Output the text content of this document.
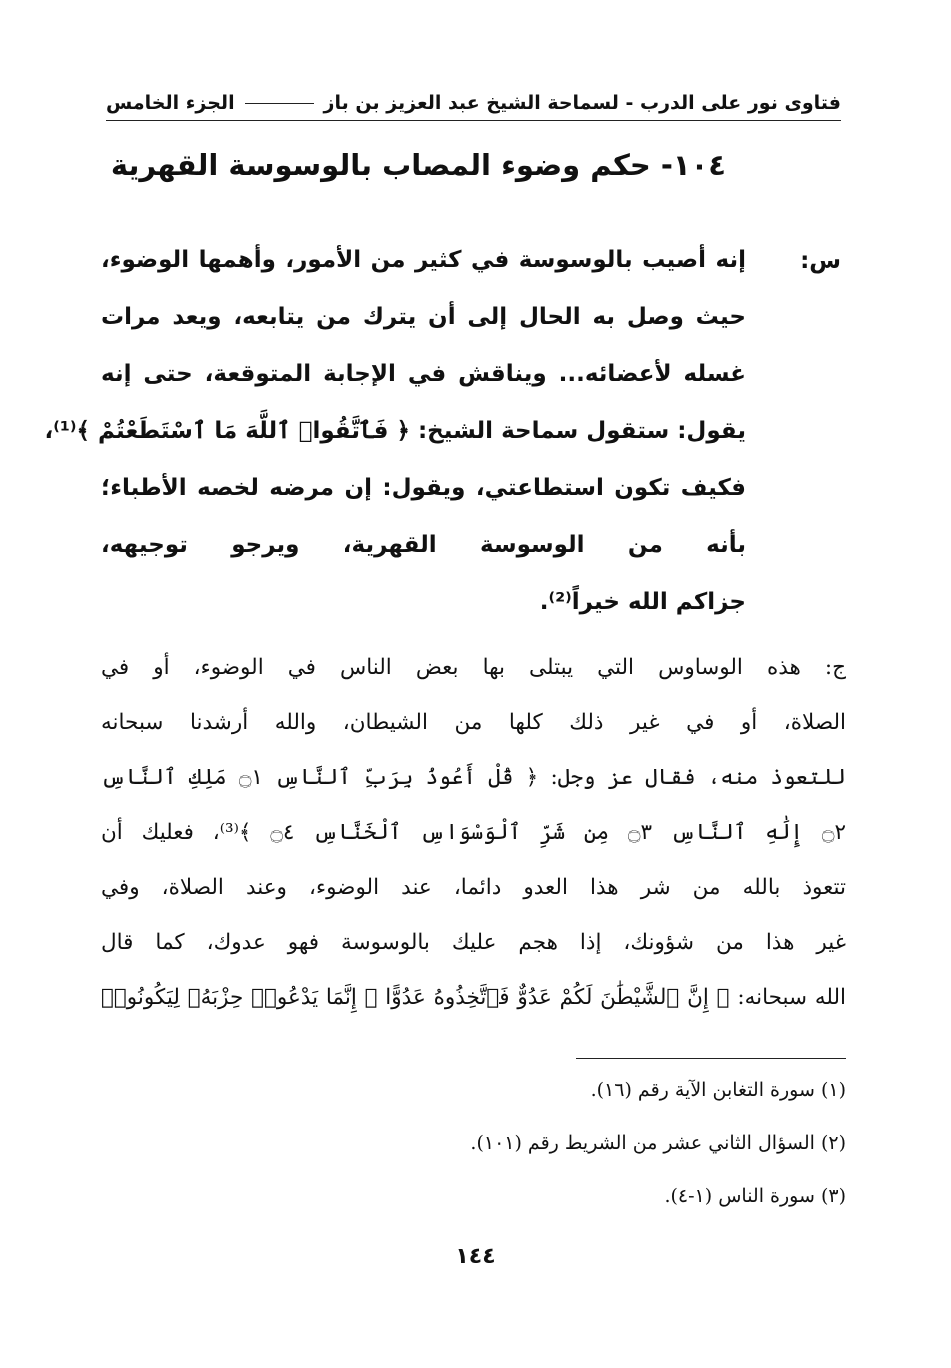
فتاوى نور على الدرب - لسماحة الشيخ عبد العزيز بن باز
الجزء الخامس
١٠٤- حكم وضوء المصاب بالوسوسة القهرية
س:
إنه أصيب بالوسوسة في كثير من الأمور، وأهمها الوضوء،
حيث وصل به الحال إلى أن يترك من يتابعه، ويعد مرات
غسله لأعضائه... ويناقش في الإجابة المتوقعة، حتى إنه
يقول: ستقول سماحة الشيخ: ﴿ فَٱتَّقُوا۟ ٱللَّهَ مَا ٱسْتَطَعْتُمْ ﴾⁽¹⁾،
فكيف تكون استطاعتي، ويقول: إن مرضه لخصه الأطباء؛
بأنه من الوسوسة القهرية، ويرجو توجيهه،
جزاكم الله خيراً⁽²⁾.
ج: هذه الوساوس التي يبتلى بها بعض الناس في الوضوء، أو في
الصلاة، أو في غير ذلك كلها من الشيطان، والله أرشدنا سبحانه
للتعوذ منه، فقال عز وجل: ﴿ قُلْ أَعُوذُ بِرَبِّ ٱلنَّاسِ ۝١ مَلِكِ ٱلنَّاسِ
۝٢ إِلَٰهِ ٱلنَّاسِ ۝٣ مِن شَرِّ ٱلْوَسْوَاسِ ٱلْخَنَّاسِ ۝٤ ﴾⁽³⁾، فعليك أن
تتعوذ بالله من شر هذا العدو دائما، عند الوضوء، وعند الصلاة، وفي
غير هذا من شؤونك، إذا هجم عليك بالوسوسة فهو عدوك، كما قال
الله سبحانه: ﴿ إِنَّ ٱلشَّيْطَٰنَ لَكُمْ عَدُوٌّ فَٱتَّخِذُوهُ عَدُوًّا ۚ إِنَّمَا يَدْعُوا۟ حِزْبَهُۥ لِيَكُونُوا۟
(١) سورة التغابن الآية رقم (١٦).
(٢) السؤال الثاني عشر من الشريط رقم (١٠١).
(٣) سورة الناس (١-٤).
١٤٤
